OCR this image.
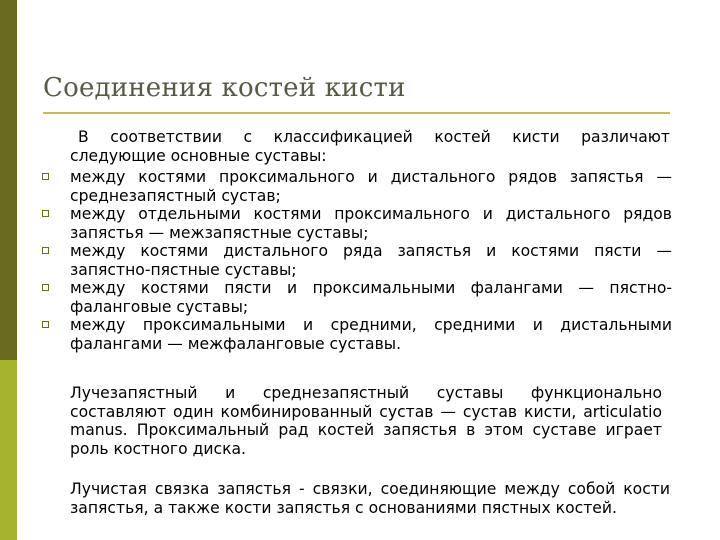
Соединения костей кисти
В соответствии с классификацией костей кисти различают следующие основные суставы:
между костями проксимального и дистального рядов запястья — среднезапястный сустав;
между отдельными костями проксимального и дистального рядов запястья — межзапястные суставы;
между костями дистального ряда запястья и костями пясти — запястно-пястные суставы;
между костями пясти и проксимальными фалангами — пястно-фаланговые суставы;
между проксимальными и средними, средними и дистальными фалангами — межфаланговые суставы.
Лучезапястный и среднезапястный суставы функционально составляют один комбинированный сустав — сустав кисти, articulatio manus. Проксимальный рад костей запястья в этом суставе играет роль костного диска.
Лучистая связка запястья - связки, соединяющие между собой кости запястья, а также кости запястья с основаниями пястных костей.
